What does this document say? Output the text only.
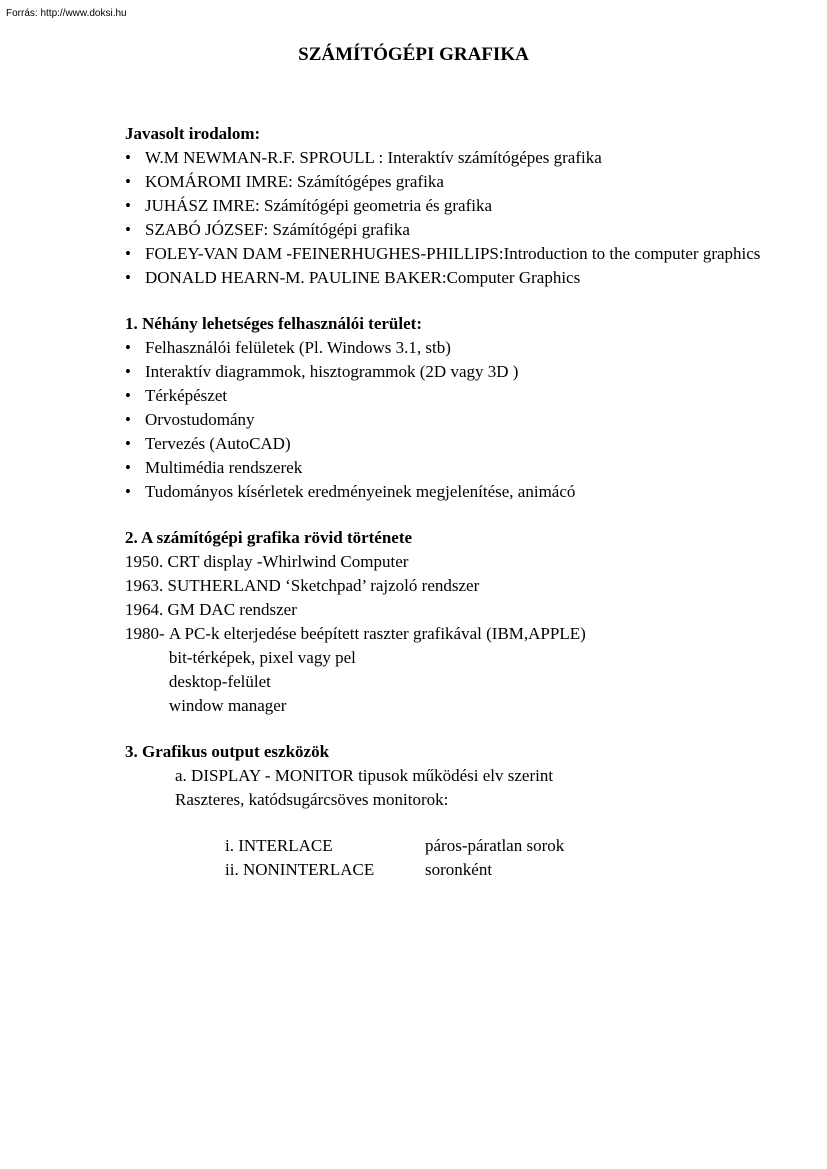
Forrás: http://www.doksi.hu
SZÁMÍTÓGÉPI GRAFIKA
Javasolt irodalom:
• W.M NEWMAN-R.F. SPROULL : Interaktív számítógépes grafika
• KOMÁROMI IMRE: Számítógépes grafika
• JUHÁSZ IMRE: Számítógépi geometria és grafika
• SZABÓ JÓZSEF: Számítógépi grafika
• FOLEY-VAN DAM -FEINERHUGHES-PHILLIPS:Introduction to the computer graphics
• DONALD HEARN-M. PAULINE BAKER:Computer Graphics
1. Néhány lehetséges felhasználói terület:
• Felhasználói felületek (Pl. Windows 3.1, stb)
• Interaktív diagrammok, hisztogrammok (2D vagy 3D )
• Térképészet
• Orvostudomány
• Tervezés (AutoCAD)
• Multimédia rendszerek
• Tudományos kísérletek eredményeinek megjelenítése, animácó
2. A számítógépi grafika rövid története
1950. CRT display -Whirlwind Computer
1963. SUTHERLAND ‘Sketchpad’ rajzoló rendszer
1964. GM DAC rendszer
1980- A PC-k elterjedése beépített raszter grafikával (IBM,APPLE)
bit-térképek, pixel vagy pel
desktop-felület
window manager
3. Grafikus output eszközök
a. DISPLAY - MONITOR tipusok működési elv szerint
Raszteres, katódsugárcsöves monitorok:
i. INTERLACE	páros-páratlan sorok
ii. NONINTERLACE	soronként
